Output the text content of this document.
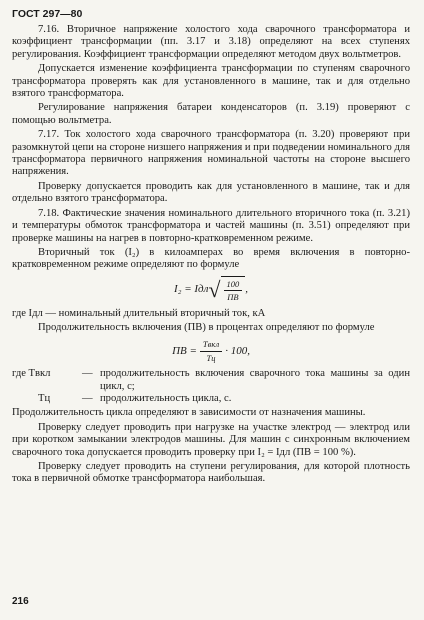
ГОСТ 297—80

7.16. Вторичное напряжение холостого хода сварочного трансформатора и коэффициент трансформации (пп. 3.17 и 3.18) определяют на всех ступенях регулирования. Коэффициент трансформации определяют методом двух вольтметров.

Допускается изменение коэффициента трансформации по ступеням сварочного трансформатора проверять как для установленного в машине, так и для отдельно взятого трансформатора.

Регулирование напряжения батареи конденсаторов (п. 3.19) проверяют с помощью вольтметра.

7.17. Ток холостого хода сварочного трансформатора (п. 3.20) проверяют при разомкнутой цепи на стороне низшего напряжения и при подведении номинального для трансформатора первичного напряжения номинальной частоты на стороне высшего напряжения.

Проверку допускается проводить как для установленного в машине, так и для отдельно взятого трансформатора.

7.18. Фактические значения номинального длительного вторичного тока (п. 3.21) и температуры обмоток трансформатора и частей машины (п. 3.51) определяют при проверке машины на нагрев в повторно-кратковременном режиме.

Вторичный ток (I₂) в килоамперах во время включения в повторно-кратковременном режиме определяют по формуле

I₂ = Iдл √ $\frac{100}{ПВ}$ ,

где Iдл — номинальный длительный вторичный ток, кА

Продолжительность включения (ПВ) в процентах определяют по формуле

ПВ = $\frac{\text{Tвкл}}{Tц} \cdot 100$,
где Tвкл	— продолжительность включения сварочного тока машины за один цикл, с;
Tц	— продолжительность цикла, с.

Продолжительность цикла определяют в зависимости от назначения машины.

Проверку следует проводить при нагрузке на участке электрод — электрод или при коротком замыкании электродов машины. Для машин с синхронным включением сварочного тока допускается проводить проверку при I₂ = Iдл (ПВ = 100 %).

Проверку следует проводить на ступени регулирования, для которой плотность тока в первичной обмотке трансформатора наибольшая.

216
